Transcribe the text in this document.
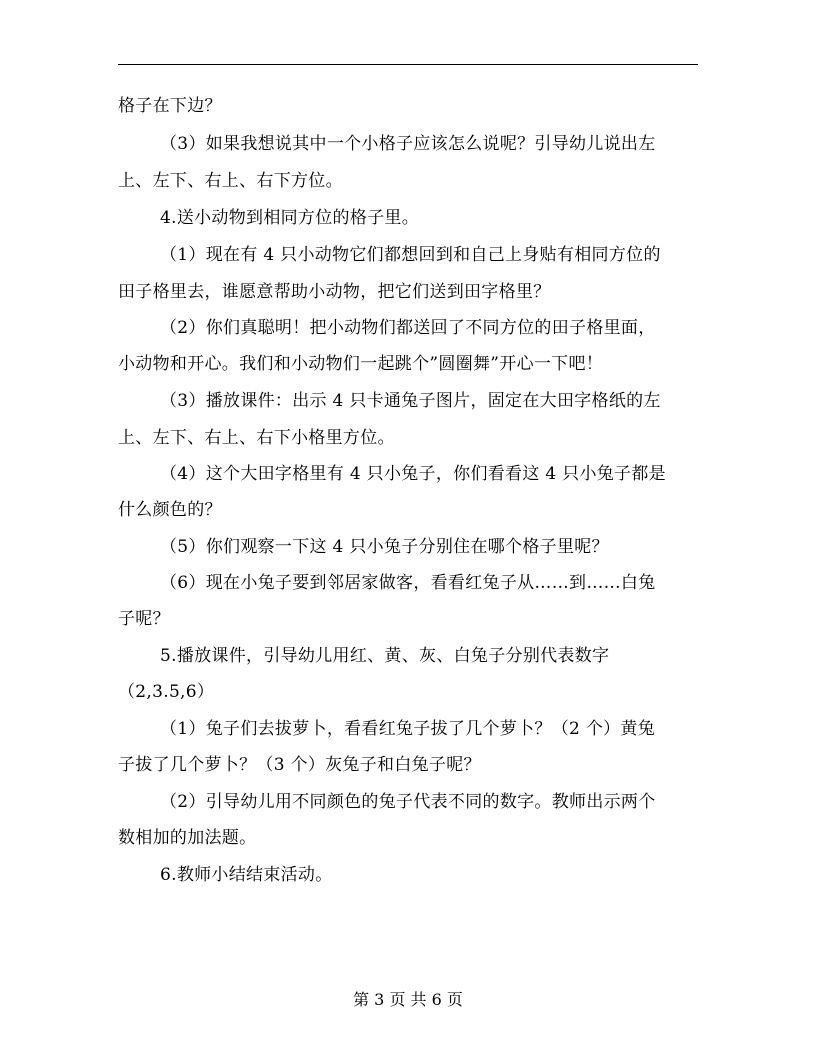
格子在下边？
（3）如果我想说其中一个小格子应该怎么说呢？引导幼儿说出左
上、左下、右上、右下方位。
4.送小动物到相同方位的格子里。
（1）现在有 4 只小动物它们都想回到和自己上身贴有相同方位的
田子格里去，谁愿意帮助小动物，把它们送到田字格里？
（2）你们真聪明！把小动物们都送回了不同方位的田子格里面，
小动物和开心。我们和小动物们一起跳个”圆圈舞”开心一下吧！
（3）播放课件：出示 4 只卡通兔子图片，固定在大田字格纸的左
上、左下、右上、右下小格里方位。
（4）这个大田字格里有 4 只小兔子，你们看看这 4 只小兔子都是
什么颜色的？
（5）你们观察一下这 4 只小兔子分别住在哪个格子里呢？
（6）现在小兔子要到邻居家做客，看看红兔子从……到……白兔
子呢？
5.播放课件，引导幼儿用红、黄、灰、白兔子分别代表数字
（2,3.5,6）
（1）兔子们去拔萝卜，看看红兔子拔了几个萝卜？（2 个）黄兔
子拔了几个萝卜？（3 个）灰兔子和白兔子呢？
（2）引导幼儿用不同颜色的兔子代表不同的数字。教师出示两个
数相加的加法题。
6.教师小结结束活动。
第 3 页 共 6 页
